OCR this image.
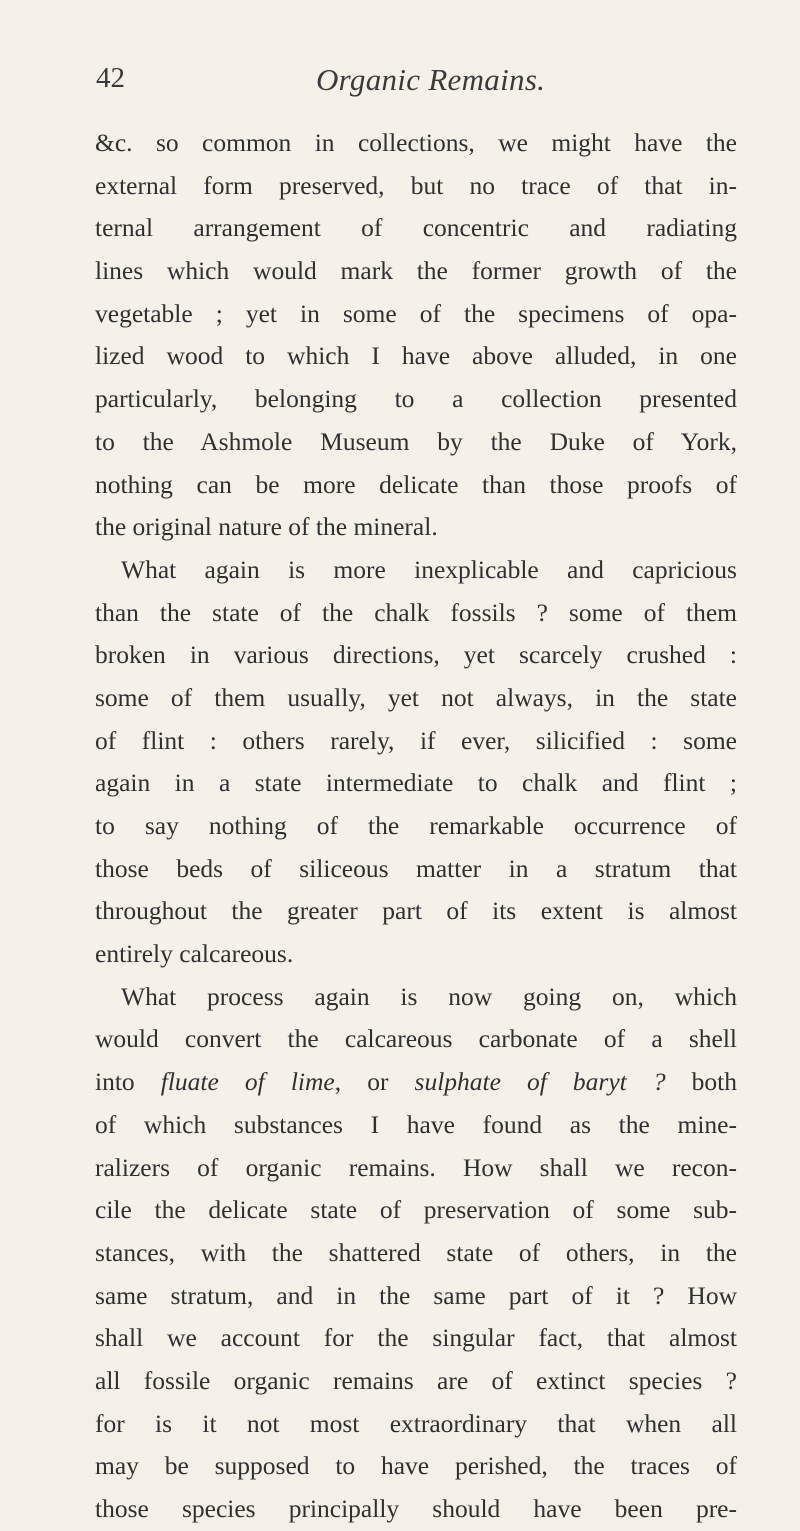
42	Organic Remains.
&c. so common in collections, we might have the
external form preserved, but no trace of that in-
ternal arrangement of concentric and radiating
lines which would mark the former growth of the
vegetable ; yet in some of the specimens of opa-
lized wood to which I have above alluded, in one
particularly, belonging to a collection presented
to the Ashmole Museum by the Duke of York,
nothing can be more delicate than those proofs of
the original nature of the mineral.
What again is more inexplicable and capricious
than the state of the chalk fossils ? some of them
broken in various directions, yet scarcely crushed :
some of them usually, yet not always, in the state
of flint : others rarely, if ever, silicified : some
again in a state intermediate to chalk and flint ;
to say nothing of the remarkable occurrence of
those beds of siliceous matter in a stratum that
throughout the greater part of its extent is almost
entirely calcareous.
What process again is now going on, which
would convert the calcareous carbonate of a shell
into fluate of lime, or sulphate of baryt ? both
of which substances I have found as the mine-
ralizers of organic remains. How shall we recon-
cile the delicate state of preservation of some sub-
stances, with the shattered state of others, in the
same stratum, and in the same part of it ? How
shall we account for the singular fact, that almost
all fossile organic remains are of extinct species ?
for is it not most extraordinary that when all
may be supposed to have perished, the traces of
those species principally should have been pre-
